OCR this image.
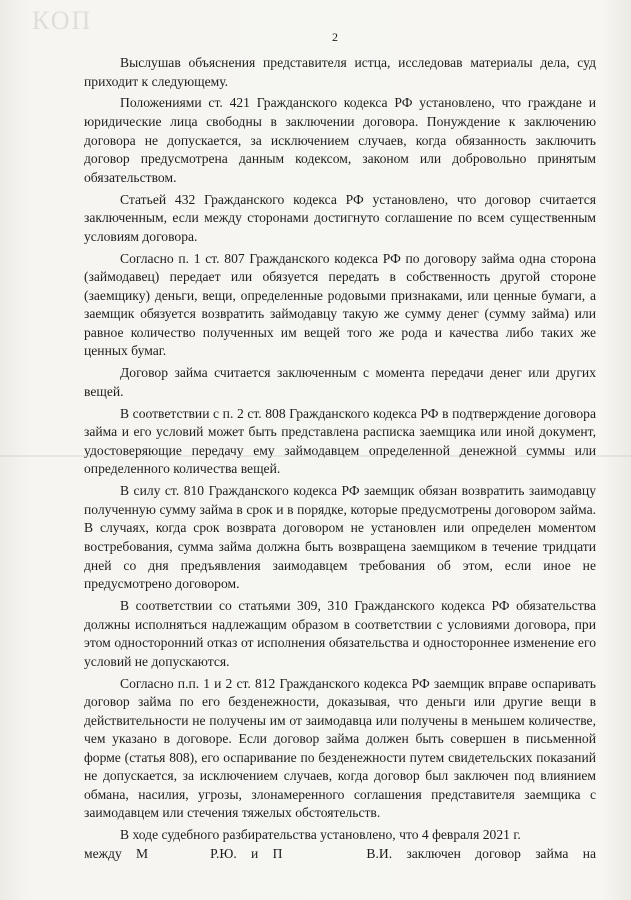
КОП
2

Выслушав объяснения представителя истца, исследовав материалы дела, суд приходит к следующему.

Положениями ст. 421 Гражданского кодекса РФ установлено, что граждане и юридические лица свободны в заключении договора. Понуждение к заключению договора не допускается, за исключением случаев, когда обязанность заключить договор предусмотрена данным кодексом, законом или добровольно принятым обязательством.

Статьей 432 Гражданского кодекса РФ установлено, что договор считается заключенным, если между сторонами достигнуто соглашение по всем существенным условиям договора.

Согласно п. 1 ст. 807 Гражданского кодекса РФ по договору займа одна сторона (займодавец) передает или обязуется передать в собственность другой стороне (заемщику) деньги, вещи, определенные родовыми признаками, или ценные бумаги, а заемщик обязуется возвратить займодавцу такую же сумму денег (сумму займа) или равное количество полученных им вещей того же рода и качества либо таких же ценных бумаг.

Договор займа считается заключенным с момента передачи денег или других вещей.

В соответствии с п. 2 ст. 808 Гражданского кодекса РФ в подтверждение договора займа и его условий может быть представлена расписка заемщика или иной документ, удостоверяющие передачу ему займодавцем определенной денежной суммы или определенного количества вещей.

В силу ст. 810 Гражданского кодекса РФ заемщик обязан возвратить заимодавцу полученную сумму займа в срок и в порядке, которые предусмотрены договором займа. В случаях, когда срок возврата договором не установлен или определен моментом востребования, сумма займа должна быть возвращена заемщиком в течение тридцати дней со дня предъявления заимодавцем требования об этом, если иное не предусмотрено договором.

В соответствии со статьями 309, 310 Гражданского кодекса РФ обязательства должны исполняться надлежащим образом в соответствии с условиями договора, при этом односторонний отказ от исполнения обязательства и одностороннее изменение его условий не допускаются.

Согласно п.п. 1 и 2 ст. 812 Гражданского кодекса РФ заемщик вправе оспаривать договор займа по его безденежности, доказывая, что деньги или другие вещи в действительности не получены им от заимодавца или получены в меньшем количестве, чем указано в договоре. Если договор займа должен быть совершен в письменной форме (статья 808), его оспаривание по безденежности путем свидетельских показаний не допускается, за исключением случаев, когда договор был заключен под влиянием обмана, насилия, угрозы, злонамеренного соглашения представителя заемщика с заимодавцем или стечения тяжелых обстоятельств.

В ходе судебного разбирательства установлено, что 4 февраля 2021 г.

между М	Р.Ю. и П	В.И. заключен договор займа на
